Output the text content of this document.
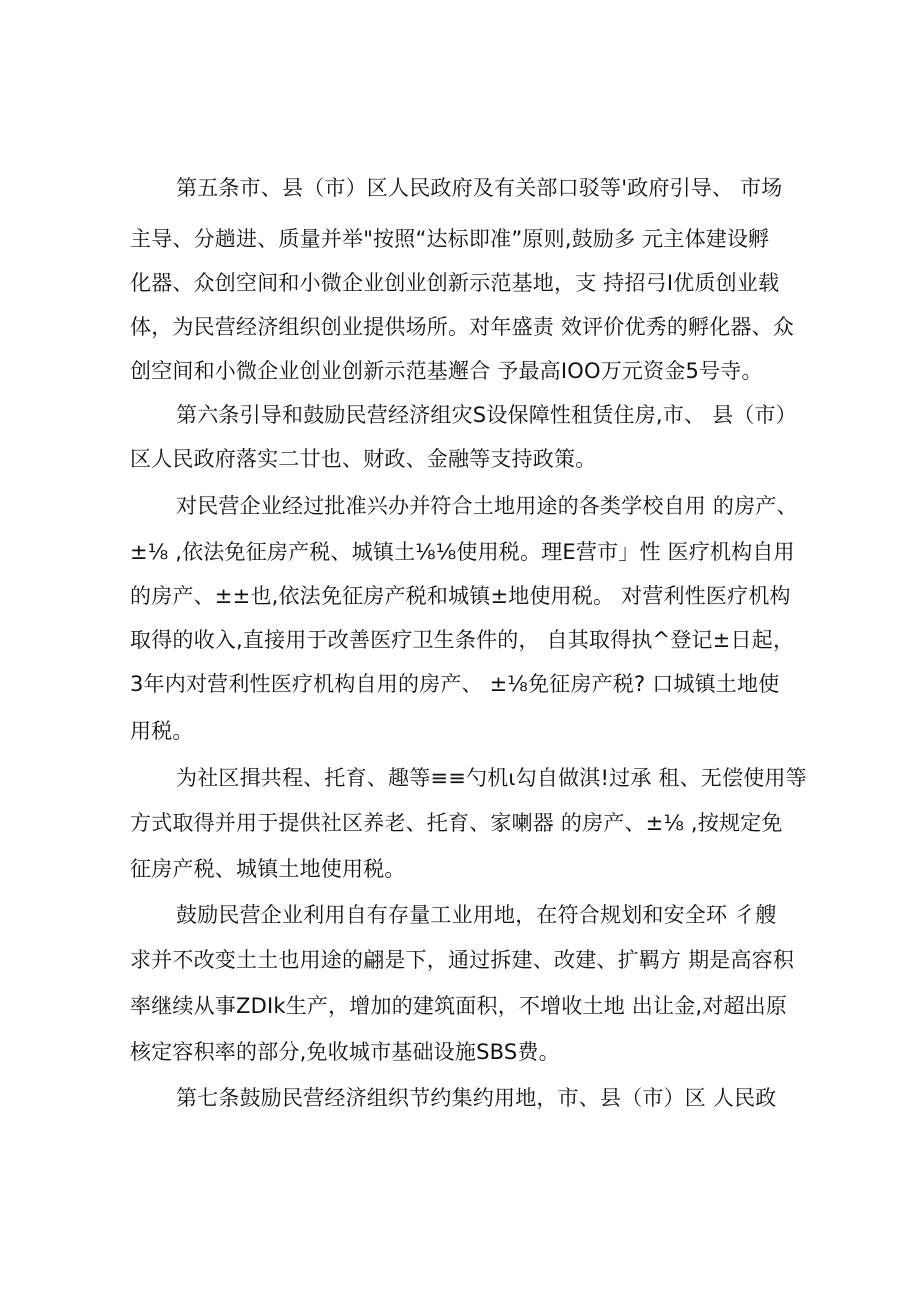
第五条市、县（市）区人民政府及有关部口驳等'政府引导、 市场
主导、分趟进、质量并举"按照“达标即准”原则,鼓励多 元主体建设孵
化器、众创空间和小微企业创业创新示范基地，支 持招弓I优质创业载
体，为民营经济组织创业提供场所。对年盛责 效评价优秀的孵化器、众
创空间和小微企业创业创新示范基邂合 予最高IOO万元资金5号寺。
第六条引导和鼓励民营经济组灾S设保障性租赁住房,市、 县（市）
区人民政府落实二廿也、财政、金融等支持政策。
对民营企业经过批准兴办并符合土地用途的各类学校自用 的房产、
±⅛ ,依法免征房产税、城镇土⅛⅛使用税。理E营市」性 医疗机构自用
的房产、±±也,依法免征房产税和城镇±地使用税。 对营利性医疗机构
取得的收入,直接用于改善医疗卫生条件的， 自其取得执^登记±日起，
3年内对营利性医疗机构自用的房产、 ±⅛免征房产税? 口城镇土地使
用税。
为社区揖共程、托育、趣等≡≡勺机ι勾自做淇!过承 租、无偿使用等
方式取得并用于提供社区养老、托育、家喇器 的房产、±⅛ ,按规定免
征房产税、城镇土地使用税。
鼓励民营企业利用自有存量工业用地，在符合规划和安全环 彳艘
求并不改变土土也用途的翩是下，通过拆建、改建、扩羁方 期是高容积
率继续从事ZDIk生产，增加的建筑面积，不增收土地 出让金,对超出原
核定容积率的部分,免收城市基础设施SBS费。
第七条鼓励民营经济组织节约集约用地，市、县（市）区 人民政
